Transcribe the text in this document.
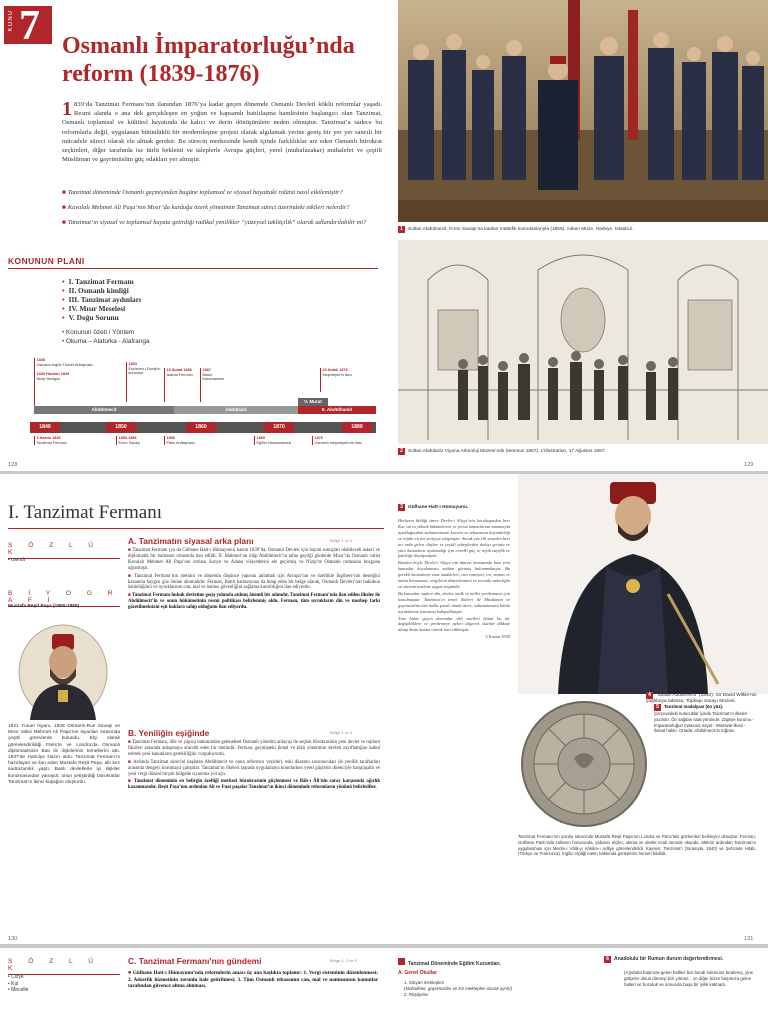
KONU 7 Osmanlı İmparatorluğu’nda reform (1839-1876)
1 839’da Tanzimat Fermanı’nın ilanından 1876’ya kadar geçen dönemde Osmanlı Devleti köklü reformlar yaşadı. Resmi alanda o ana dek gerçekleşen en yoğun ve kapsamlı batılılaşma hamlesinin başlangıcı olan Tanzimat, Osmanlı toplumsal ve kültürel hayatında da kalıcı ve derin dönüşümlere neden olmuştur. Tanzimat’a sadece bu reformlarla değil, uygulanan bütünlüklü bir modernleşme projesi olarak algılamak yerine geniş bir yer yer sancılı bir mücadele süreci olarak ele almak gerekir. Bu sürecin merkezinde kendi içinde farklılıklar arz eden Osmanlı bürokrat seçkinleri, diğer tarafında ise türlü beklenti ve taleplerle Avrupa güçleri, yerel (muhafazakar) muhalefet ve çeşitli Müslüman ve gayrimüslim güç odakları yer almıştır.
■ Tanzimat döneminde Osmanlı geçmişinden bugüne toplumsal ve siyasal hayattaki rolünü nasıl etkilemiştir?
■ Kavalalı Mehmet Ali Paşa’nın Mısır’da kurduğu özerk yönetimin Tanzimat süreci üzerindeki etkileri nelerdir?
■ Tanzimat’ın siyasal ve toplumsal hayata getirdiği radikal yenilikler “yüzeysel taklitçilik” olarak adlandırılabilir mi?
KONUNUN PLANI
• I. Tanzimat Fermanı
• II. Osmanlı kimliği
• III. Tanzimat aydınları
• IV. Mısır Meselesi
• V. Doğu Sorunu
• Konunun özeti / Yöntem
• Okuma – Alaturka - Alafranga
1838
Osmanlı-İngiliz Ticaret Anlaşması
1839 Haziran 1839
Nizip Yenilgisi
1853
Ercümen-i Daniş’in kuruluşu
18 Şubat 1856
Islahat Fermanı
1867
Basın Kararnamesi
23 Aralık 1876
Meşrutiyet’in ilanı
Abdülmecit	Abdülaziz
V. Murat
II. Abdülhamit
1840	1850	1860	1870	1880
3 Kasım 1839
Tanzimat Fermanı
1853-1856
Kırım Savaşı
1856
Paris Antlaşması
1869
Eğitim Nizamnamesi
1876
Osmanlı meşrutiyeti’nin ilanı
128	129
1 Sultan Abdülmecit, Kırım Savaşı’na katılan müttefik komutanlarıyla (1855). Askeri Müze, Harbiye, İstanbul.
2 Sultan Abdülaziz Viyana Arkeoloji Müzesi’nde (temmuz 1867). L’Illustration, 17 Ağustos 1867.
I. Tanzimat Fermanı
S Ö Z L Ü K
• Ulemâ
B İ Y O G R A F İ
Mustafa Reşit Paşa (1800-1858).
1821 Yunan İsyanı, 1828 Osmanlı-Rus Savaşı ve Mısır Valisi Mehmet Ali Paşa’nın isyanları sırasında çeşitli görevlerde bulundu. Elçi olarak görevlendirildiği Paris’te ve Londra’da Osmanlı diplomasisinin Batı ile ilişkilerinin temellerini attı. 1837’de Hariciye Nazırı oldu. Tanzimat Fermanı’nı hazırlayan ve ilan eden Mustafa Reşit Paşa, altı kez sadrazamlık yaptı. Batılı devletlerle iyi ilişkiler kurulmasından yanaydı; onun yetiştirdiği bürokratlar Tanzimat’ın ikinci kuşağını oluşturdu.
A. Tanzimatın siyasal arka planı	Bölge 1 ve 2

■ Tanzimat Fermanı (ya da Gülhane Hatt-ı Hümayunu) kasım 1839’da, Osmanlı Devleti için hayati sonuçları olabilecek askeri ve diplomatik bir buhranın ortasında ilan edildi. II. Mahmut’un ölüp Abdülmecit’in tahta geçtiği günlerde Mısır’da Osmanlı valisi Kavalalı Mehmet Ali Paşa’nın ordusu Suriye ve Adana vilayetlerini ele geçirmiş ve Nizip’te Osmanlı ordusunu bozguna uğratmıştı.

■ Tanzimat Fermanı’nın metnini ve dönemin düşünce yapısını anlamak için Avrupa’nın ve özellikle İngiltere’nin desteğini kazanma kaygısı göz önüne alınmalıdır. Ferman, Batılı kamuoyuna da hitap eden bir belge olarak, Osmanlı Devleti’nin hukukun üstünlüğünü ve uyruklarının can, mal ve namus güvenliğini sağlama kararlılığını ilan ediyordu.

■ Tanzimat Fermanı hukuk devletine geçiş yolunda atılmış önemli bir adımdır. Tanzimat Fermanı’nda ilan edilen ilkeler ile Abdülmecit’in ve onun hükümetinin resmi politikası belirlenmiş oldu. Ferman, tüm uyrukların din ve mezhep farkı gözetilmeksizin eşit haklara sahip olduğunu ilan ediyordu.

B. Yeniliğin eşiğinde	Bölge 1 ve 2

■ Tanzimat Fermanı, dile ve yapıca bakımından geleneksel Osmanlı yönetim anlayışı ile seçkin bürokrasinin yeni devlet ve toplum fikirleri arasında anlaşmaya aracılık eden bir metindir. Ferman, geçmişteki ihmal ve kötü yönetimin devleti zayıflattığını kabul ederek yeni kanunların gerekliliğini vurguluyordu.

■ Ardında Tanzimat sürecini başlatan Abdülmecit ve onun reformcu vezirleri, eski düzenin savunucuları ile yenilik taraftarları arasında dengeyi korumaya çalıştılar. Tanzimat’ın ilkeleri taşrada uygulamaya konulurken yerel güçlerin direnciyle karşılaşıldı ve yeni vergi düzeni birçok bölgede isyanlara yol açtı.

■ Tanzimat döneminin en belirgin özelliği merkezi bürokrasinin güçlenmesi ve Bâb-ı Âli’nin saray karşısında ağırlık kazanmasıdır. Reşit Paşa’nın ardından Ali ve Fuat paşalar Tanzimat’ın ikinci döneminde reformların yönünü belirlediler.

3 Gülhane Hatt-ı Hümayunu.

Herkesin bildiği üzere Devlet-i Aliyye’nin kuruluşundan beri Kur’an’ın yüksek hükümlerine ve şeriat kanunlarına tamamıyla uyulduğundan saltanatımızın kuvveti ve tebaasının bayındırlığı ve refahı en üst seviyeye ulaşmıştır. Ancak yüz elli seneden beri art arda gelen olaylar ve çeşitli sebeplerden dolayı şeriata ve yüce kanunlara uyulmadığı için evvelki güç ve refah zayıflık ve fakirliğe dönüşmüştür.

Bundan böyle Devlet-i Aliyye’nin idaresi konusunda bazı yeni kanunlar koyulmasını mühim görmüş bulunmaktayız. Bu gerekli kanunların esas maddeleri; can emniyeti, ırz, namus ve malın korunması, vergilerin düzenlenmesi ve zorunlu askerliğin ve sürenin usulüne uygun tespitidir.

Bu kanunlar sadece din, devlet, mülk ve millet yenilenmesi için konulmuştur. Tanzimat’ın temel ilkeleri ile Müslüman ve gayrimüslim tüm halka şamil olmak üzere, saltanatımızın bütün uyruklarına istisnasız bahşedilmiştir.

Tüm bahis geçen durumlar ekli usulleri bütün bu tür değişikliklere ve yenilemeye aykırı düşecek olanlar dikkate alınıp kesin kanun olarak ilan edilmiştir.

3 Kasım 1839

4 “Sultan Abdülmecit” (1840). Sir David Wilkie’nin yağlıboya tablosu, Topkapı Sarayı Müzesi.
5 Tanzimat madalyası (ön yüz).
Çerçevedeki kutucuklar içinde Tanzimat’ın ilkeleri yazılıdır. Ön sağdan saat yönünde: Zaptiye kurumu - İmparatorluğun mirasına riayet - Müsavat ilkesi - İktisat hakkı. Ortada: Abdülmecit’in tuğrası.
Tanzimat Fermanı’nın yazılış sürecinde Mustafa Reşit Paşa’nın Londra ve Paris’teki gözlemleri belirleyici olmuştur. Ferman, Gülhane Parkı’nda sultanın huzurunda, yabancı elçiler, ulema ve devlet ricali önünde okundu. Metnin ardından Tanzimat’ın uygulanması için Meclis-i Vâlâ-yı Ahkâm-ı Adliye görevlendirildi. Kayseri: Tanzimat’ı (Sırasıyla, 1840) ve Şehzade Hitab, (Türkçe ve Fransızca). İngiliz elçiliği metin hakkında görüşlerini hemen bildirdi.
130	131
S Ö Z L Ü K
• Cizye
• Kul
• Mecelle
C. Tanzimat Fermanı’nın gündemi	Bölge 1, 2 ve 5
■ Gülhane Hatt-ı Hümayunu’nda reformlerin amacı üç ana başlıkta toplanır: 1. Vergi sisteminin düzenlenmesi; 2. Askerlik hizmetinin zorunlu hale getirilmesi; 3. Tüm Osmanlı tebaasının can, mal ve namusunun kanunlar tarafından güvence altına alınması.
Tanzimat Döneminde Eğitim Kurumları.
A. Genel Okullar
1. Sıbyan mektepleri
(Mahalleler, gayrimüslim ve kız mektepleri olarak ayrılır)
2. Rüştiyeler
6 Anadolulu bir Rumun durum değerlendirmesi.
(A)ydarla başınıza gelen hallleri bizi bendi hukmune bırakmış, yine gülçeler olsun diremşi bizi yılmaz... ve diğer bizim başımıza gelen halleri ve bozuluk ve sonunda başa bir iyilik kalmadı.
